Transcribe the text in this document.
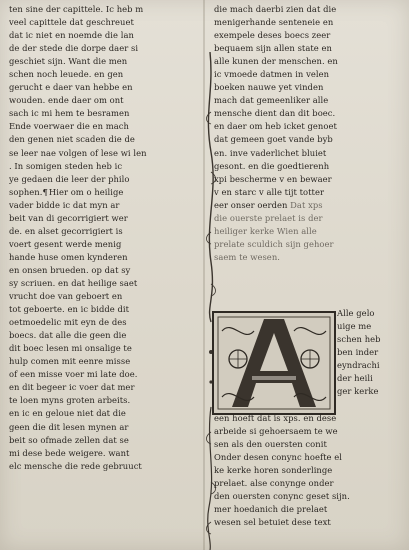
ten sine der capittele. Ic heb m
veel capittele dat geschreuet
dat ic niet en noemde die lan
de der stede die dorpe daer si
geschiet sijn. Want die men
schen noch leuede. en gen
gerucht e daer van hebbe en
wouden. ende daer om ont
sach ic mi hem te besramen
Ende voerwaer die en mach
den genen niet scaden die de
se leer nae volgen of lese wi len
. In somigen steden heb ic
ye gedaen die leer der philo
sophen.¶Hier om o heilige
vader bidde ic dat myn ar
beit van di gecorrigiert wer
de. en alset gecorrigiert is
voert gesent werde menig
hande huse omen kynderen
en onsen brueden. op dat sy
sy scriuen. en dat heilige saet
vrucht doe van geboert en
tot geboerte. en ic bidde dit
oetmoedelic mit eyn de des
boecs. dat alle die geen die
dit boec lesen mi onsalige te
hulp comen mit eenre misse
of een misse voer mi late doe.
en dit begeer ic voer dat mer
te loen myns groten arbeits.
en ic en geloue niet dat die
geen die dit lesen mynen ar
beit so ofmade zellen dat se
mi dese bede weigere. want
elc mensche die rede gebruuct
die mach daerbi zien dat die
menigerhande senteneie en
exempele deses boecs zeer
bequaem sijn allen state en
alle kunen der menschen. en
ic vmoede datmen in velen
boeken nauwe yet vinden
mach dat gemeenliker alle
mensche dient dan dit boec.
en daer om heb icket genoet
dat gemeen goet vande byb
en. inve vaderlichet bluiet
gesont. en die goedtierenh
xpi bescherme v en bewaer
v en starc v alle tijt totter
eer onser oerden Dat xps
die ouerste prelaet is der
heiliger kerke Wien alle
prelate sculdich sijn gehoer
saem te wesen.
Alle gelo
uige me
schen heb
ben inder
eyndrachi
der heili
ger kerke
een hoeft dat is xps. en dese
arbeide si gehoersaem te we
sen als den ouersten conit
Onder desen conync hoefte el
ke kerke horen sonderlinge
prelaet. alse conynge onder
den ouersten conync geset sijn.
mer hoedanich die prelaet
wesen sel betuiet dese text
